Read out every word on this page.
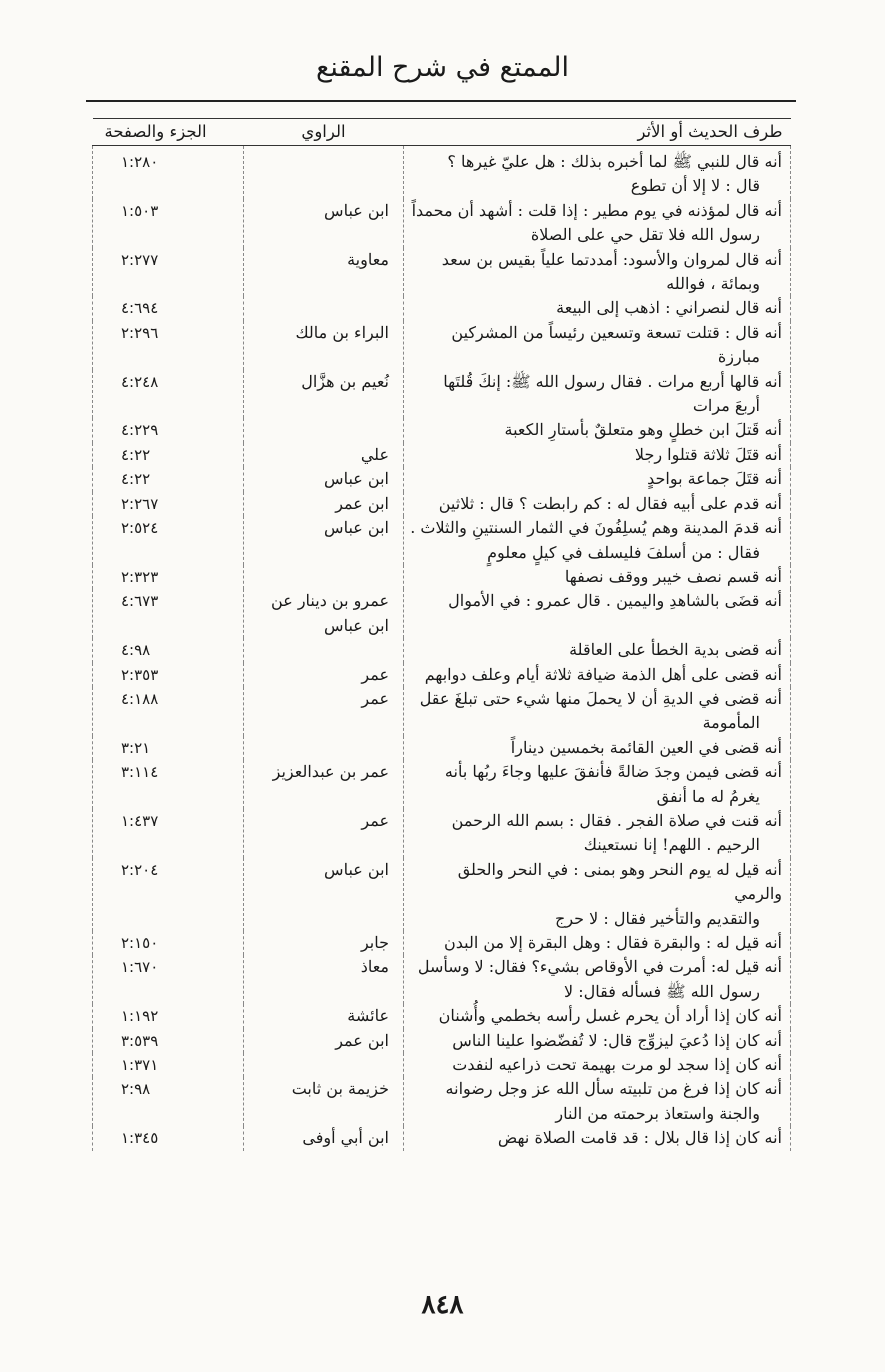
الممتع في شرح المقنع
طرف الحديث أو الأثر	الراوي	الجزء والصفحة
أنه قال للنبي ﷺ لما أخبره بذلك : هل عليّ غيرها ؟
قال : لا إلا أن تطوع		١:٢٨٠
أنه قال لمؤذنه في يوم مطير : إذا قلت : أشهد أن محمداً
رسول الله فلا تقل حي على الصلاة	ابن عباس	١:٥٠٣
أنه قال لمروان والأسود: أمددتما علياً بقيس بن سعد
وبمائة ، فوالله	معاوية	٢:٢٧٧
أنه قال لنصراني : اذهب إلى البيعة		٤:٦٩٤
أنه قال : قتلت تسعة وتسعين رئيساً من المشركين
مبارزة	البراء بن مالك	٢:٢٩٦
أنه قالها أربع مرات . فقال رسول الله ﷺ: إنكَ قُلتَها
أربعَ مرات	نُعيم بن هزَّال	٤:٢٤٨
أنه قَتلَ ابن خطلٍ وهو متعلقٌ بأستارِ الكعبة		٤:٢٢٩
أنه قتَلَ ثلاثة قتلوا رجلا	علي	٤:٢٢
أنه قتَلَ جماعة بواحدٍ	ابن عباس	٤:٢٢
أنه قدم على أبيه فقال له : كم رابطت ؟ قال : ثلاثين	ابن عمر	٢:٢٦٧
أنه قدمَ المدينة وهم يُسلِفُونَ في الثمار السنتينِ والثلاث .
فقال : من أسلفَ فليسلف في كيلٍ معلومٍ	ابن عباس	٢:٥٢٤
أنه قسم نصف خيبر ووقف نصفها		٢:٣٢٣
أنه قضَى بالشاهدِ واليمين . قال عمرو : في الأموال	عمرو بن دينار عن ابن عباس	٤:٦٧٣
أنه قضى بدية الخطأ على العاقلة		٤:٩٨
أنه قضى على أهل الذمة ضيافة ثلاثة أيام وعلف دوابهم	عمر	٢:٣٥٣
أنه قضى في الديةِ أن لا يحملَ منها شيء حتى تبلغَ عقل
المأمومة	عمر	٤:١٨٨
أنه قضى في العين القائمة بخمسين ديناراً		٣:٢١
أنه قضى فيمن وجدَ ضالةً فأنفقَ عليها وجاءَ ربُها بأنه
يغرمُ له ما أنفق	عمر بن عبدالعزيز	٣:١١٤
أنه قنت في صلاة الفجر . فقال : بسم الله الرحمن
الرحيم . اللهم! إنا نستعينك	عمر	١:٤٣٧
أنه قيل له يوم النحر وهو بمنى : في النحر والحلق والرمي
والتقديم والتأخير فقال : لا حرج	ابن عباس	٢:٢٠٤
أنه قيل له : والبقرة فقال : وهل البقرة إلا من البدن	جابر	٢:١٥٠
أنه قيل له: أمرت في الأوقاص بشيء؟ فقال: لا وسأسل
رسول الله ﷺ فسأله فقال: لا	معاذ	١:٦٧٠
أنه كان إذا أراد أن يحرم غسل رأسه بخطمي وأُشنان	عائشة	١:١٩٢
أنه كان إذا دُعيَ ليزوِّج قال: لا تُفضّضوا علينا الناس	ابن عمر	٣:٥٣٩
أنه كان إذا سجد لو مرت بهيمة تحت ذراعيه لنفدت		١:٣٧١
أنه كان إذا فرغ من تلبيته سأل الله عز وجل رضوانه
والجنة واستعاذ برحمته من النار	خزيمة بن ثابت	٢:٩٨
أنه كان إذا قال بلال : قد قامت الصلاة نهض	ابن أبي أوفى	١:٣٤٥
٨٤٨
